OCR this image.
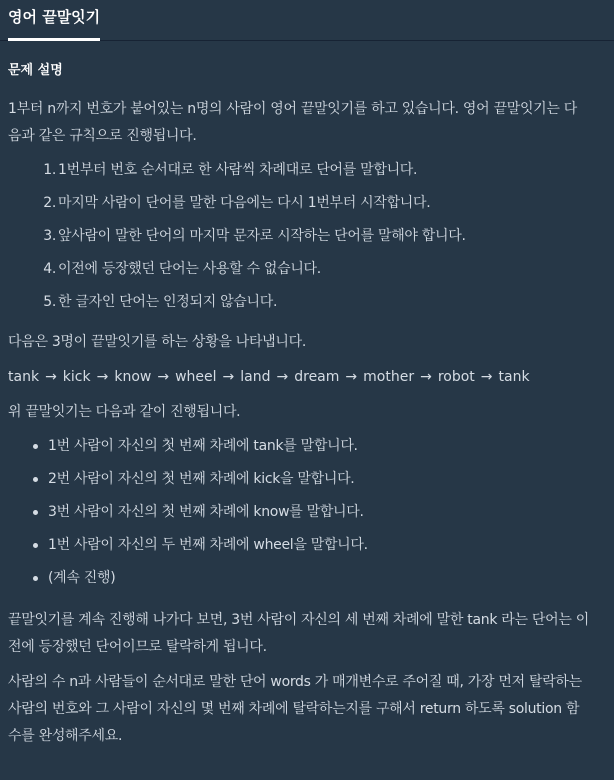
영어 끝말잇기
문제 설명

1부터 n까지 번호가 붙어있는 n명의 사람이 영어 끝말잇기를 하고 있습니다. 영어 끝말잇기는 다음과 같은 규칙으로 진행됩니다.

1 . 1번부터 번호 순서대로 한 사람씩 차례대로 단어를 말합니다.
2 . 마지막 사람이 단어를 말한 다음에는 다시 1번부터 시작합니다.
3 . 앞사람이 말한 단어의 마지막 문자로 시작하는 단어를 말해야 합니다.
4 . 이전에 등장했던 단어는 사용할 수 없습니다.
5 . 한 글자인 단어는 인정되지 않습니다.

다음은 3명이 끝말잇기를 하는 상황을 나타냅니다.

tank → kick → know → wheel → land → dream → mother → robot → tank

위 끝말잇기는 다음과 같이 진행됩니다.

1번 사람이 자신의 첫 번째 차례에 tank를 말합니다.
2번 사람이 자신의 첫 번째 차례에 kick을 말합니다.
3번 사람이 자신의 첫 번째 차례에 know를 말합니다.
1번 사람이 자신의 두 번째 차례에 wheel을 말합니다.
(계속 진행)

끝말잇기를 계속 진행해 나가다 보면, 3번 사람이 자신의 세 번째 차례에 말한 tank 라는 단어는 이전에 등장했던 단어이므로 탈락하게 됩니다.

사람의 수 n과 사람들이 순서대로 말한 단어 words 가 매개변수로 주어질 때, 가장 먼저 탈락하는 사람의 번호와 그 사람이 자신의 몇 번째 차례에 탈락하는지를 구해서 return 하도록 solution 함수를 완성해주세요.
